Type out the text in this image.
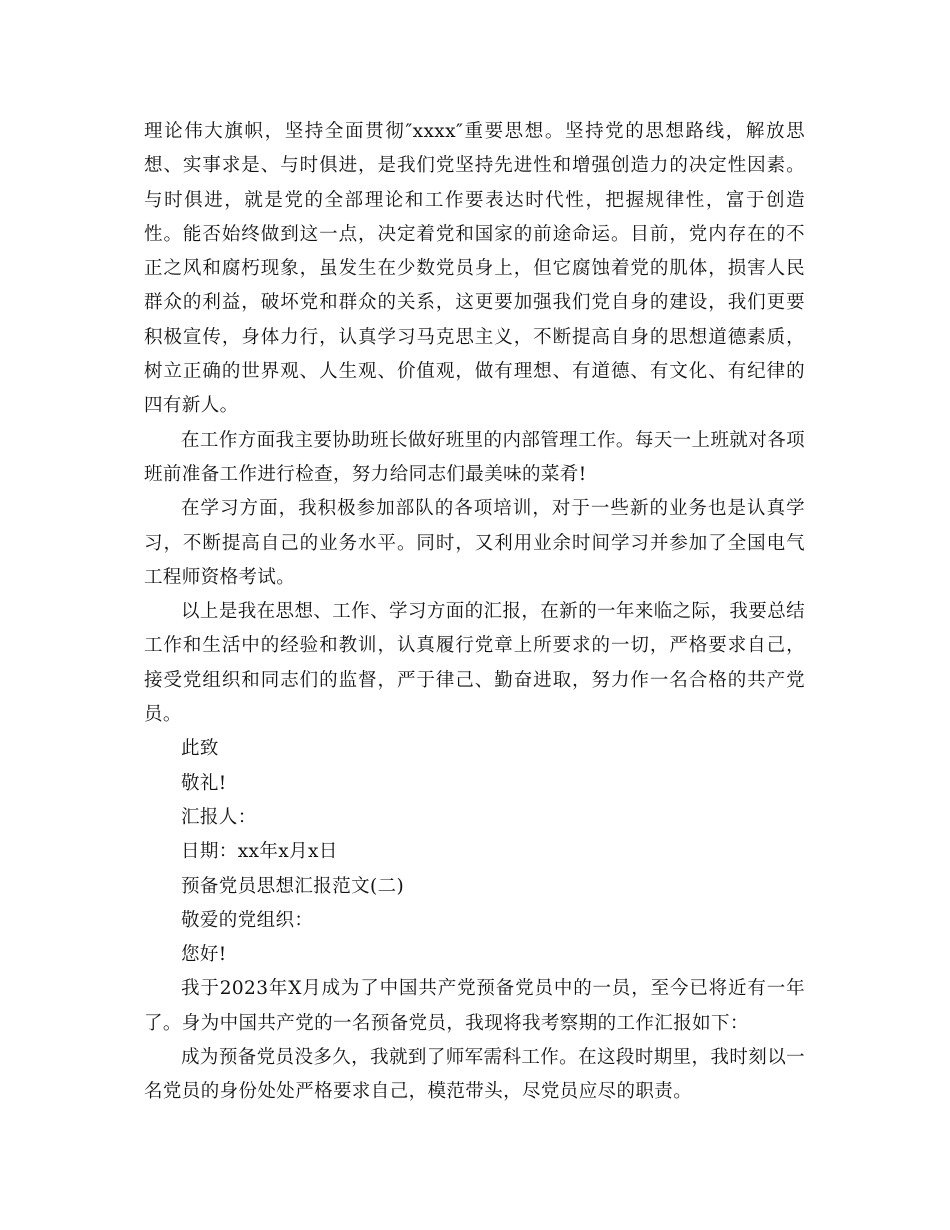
理论伟大旗帜，坚持全面贯彻″xxxx″重要思想。坚持党的思想路线，解放思想、实事求是、与时俱进，是我们党坚持先进性和增强创造力的决定性因素。与时俱进，就是党的全部理论和工作要表达时代性，把握规律性，富于创造性。能否始终做到这一点，决定着党和国家的前途命运。目前，党内存在的不正之风和腐朽现象，虽发生在少数党员身上，但它腐蚀着党的肌体，损害人民群众的利益，破坏党和群众的关系，这更要加强我们党自身的建设，我们更要积极宣传，身体力行，认真学习马克思主义，不断提高自身的思想道德素质，树立正确的世界观、人生观、价值观，做有理想、有道德、有文化、有纪律的四有新人。

在工作方面我主要协助班长做好班里的内部管理工作。每天一上班就对各项班前准备工作进行检查，努力给同志们最美味的菜肴!

在学习方面，我积极参加部队的各项培训，对于一些新的业务也是认真学习，不断提高自己的业务水平。同时，又利用业余时间学习并参加了全国电气工程师资格考试。

以上是我在思想、工作、学习方面的汇报，在新的一年来临之际，我要总结工作和生活中的经验和教训，认真履行党章上所要求的一切，严格要求自己，接受党组织和同志们的监督，严于律己、勤奋进取，努力作一名合格的共产党员。

此致

敬礼!

汇报人：

日期：xx年x月x日

预备党员思想汇报范文(二)

敬爱的党组织：

您好!

我于2023年X月成为了中国共产党预备党员中的一员，至今已将近有一年了。身为中国共产党的一名预备党员，我现将我考察期的工作汇报如下：

成为预备党员没多久，我就到了师军需科工作。在这段时期里，我时刻以一名党员的身份处处严格要求自己，模范带头，尽党员应尽的职责。
